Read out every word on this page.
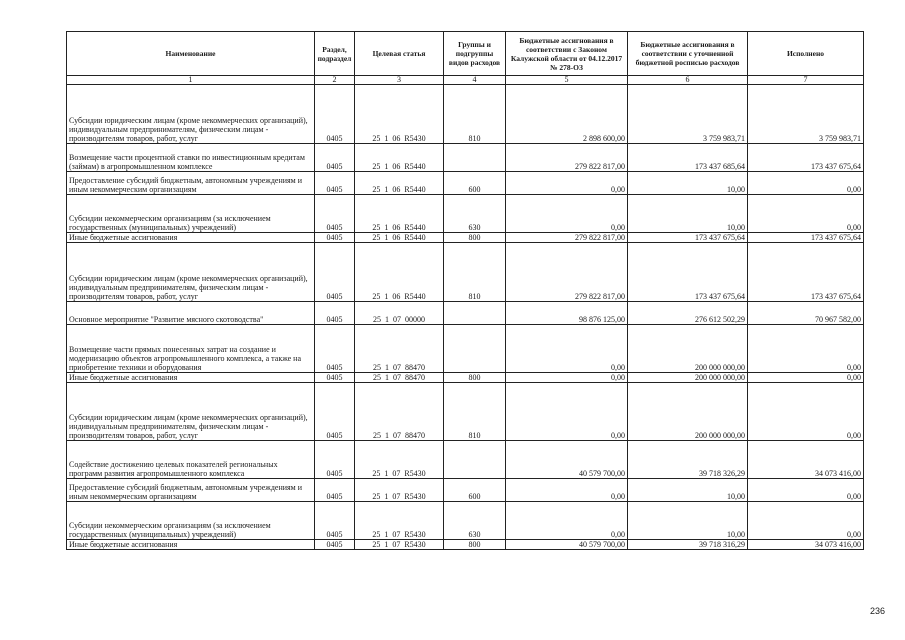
Наименование	Раздел, подраздел	Целевая статья	Группы и подгруппы видов расходов	Бюджетные ассигнования в соответствии с Законом Калужской области от 04.12.2017 № 278-ОЗ	Бюджетные ассигнования в соответствии с уточненной бюджетной росписью расходов	Исполнено
1	2	3	4	5	6	7
Субсидии юридическим лицам (кроме некоммерческих организаций), индивидуальным предпринимателям, физическим лицам - производителям товаров, работ, услуг	0405	25  1  06  R5430	810	2 898 600,00	3 759 983,71	3 759 983,71
Возмещение части процентной ставки по инвестиционным кредитам (займам) в агропромышленном комплексе	0405	25  1  06  R5440		279 822 817,00	173 437 685,64	173 437 675,64
Предоставление субсидий бюджетным, автономным учреждениям и иным некоммерческим организациям	0405	25  1  06  R5440	600	0,00	10,00	0,00
Субсидии некоммерческим организациям (за исключением государственных (муниципальных) учреждений)	0405	25  1  06  R5440	630	0,00	10,00	0,00
Иные бюджетные ассигнования	0405	25  1  06  R5440	800	279 822 817,00	173 437 675,64	173 437 675,64
Субсидии юридическим лицам (кроме некоммерческих организаций), индивидуальным предпринимателям, физическим лицам - производителям товаров, работ, услуг	0405	25  1  06  R5440	810	279 822 817,00	173 437 675,64	173 437 675,64
Основное мероприятие "Развитие мясного скотоводства"	0405	25  1  07  00000		98 876 125,00	276 612 502,29	70 967 582,00
Возмещение части прямых понесенных затрат на создание и модернизацию объектов агропромышленного комплекса, а также на приобретение техники и оборудования	0405	25  1  07  88470		0,00	200 000 000,00	0,00
Иные бюджетные ассигнования	0405	25  1  07  88470	800	0,00	200 000 000,00	0,00
Субсидии юридическим лицам (кроме некоммерческих организаций), индивидуальным предпринимателям, физическим лицам - производителям товаров, работ, услуг	0405	25  1  07  88470	810	0,00	200 000 000,00	0,00
Содействие достижению целевых показателей региональных программ развития агропромышленного комплекса	0405	25  1  07  R5430		40 579 700,00	39 718 326,29	34 073 416,00
Предоставление субсидий бюджетным, автономным учреждениям и иным некоммерческим организациям	0405	25  1  07  R5430	600	0,00	10,00	0,00
Субсидии некоммерческим организациям (за исключением государственных (муниципальных) учреждений)	0405	25  1  07  R5430	630	0,00	10,00	0,00
Иные бюджетные ассигнования	0405	25  1  07  R5430	800	40 579 700,00	39 718 316,29	34 073 416,00
236
